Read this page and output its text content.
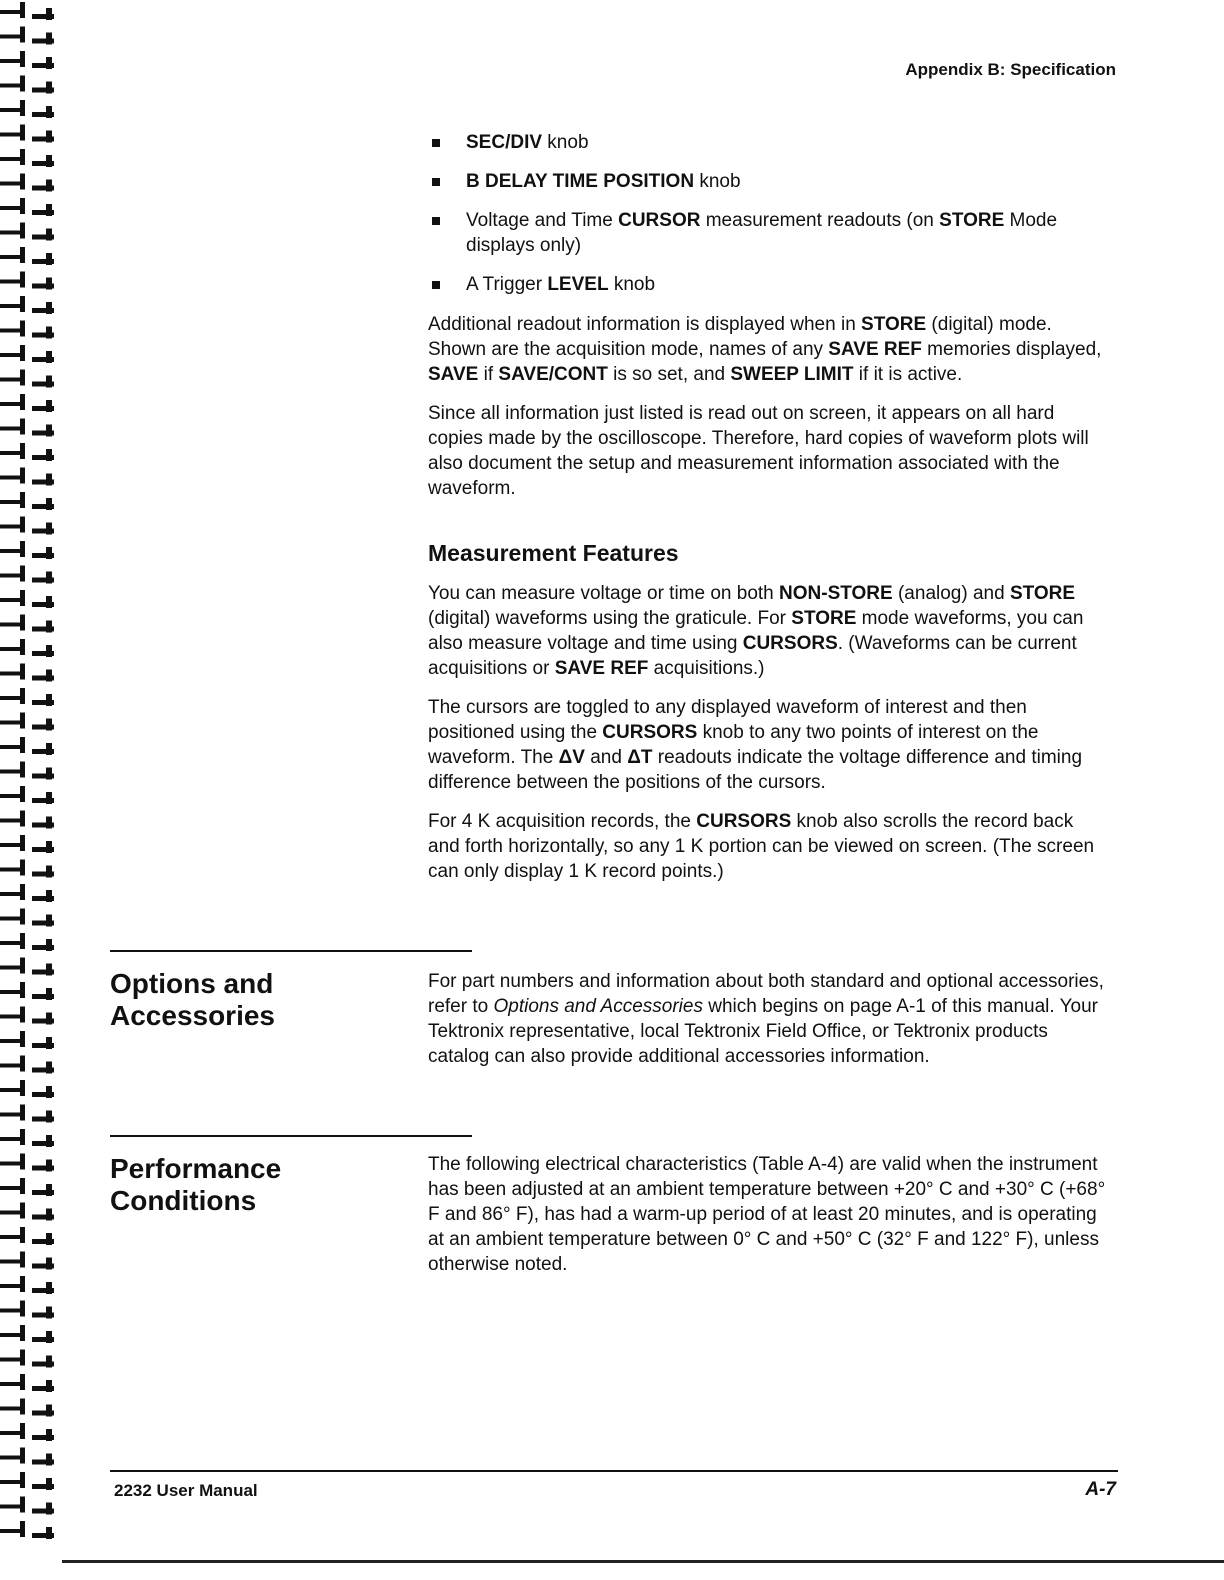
Appendix B: Specification
SEC/DIV knob
B DELAY TIME POSITION knob
Voltage and Time CURSOR measurement readouts (on STORE Mode displays only)
A Trigger LEVEL knob

Additional readout information is displayed when in STORE (digital) mode. Shown are the acquisition mode, names of any SAVE REF memories displayed, SAVE if SAVE/CONT is so set, and SWEEP LIMIT if it is active.

Since all information just listed is read out on screen, it appears on all hard copies made by the oscilloscope. Therefore, hard copies of waveform plots will also document the setup and measurement information associated with the waveform.

Measurement Features

You can measure voltage or time on both NON-STORE (analog) and STORE (digital) waveforms using the graticule. For STORE mode waveforms, you can also measure voltage and time using CURSORS. (Waveforms can be current acquisitions or SAVE REF acquisitions.)

The cursors are toggled to any displayed waveform of interest and then positioned using the CURSORS knob to any two points of interest on the waveform. The ΔV and ΔT readouts indicate the voltage difference and timing difference between the positions of the cursors.

For 4 K acquisition records, the CURSORS knob also scrolls the record back and forth horizontally, so any 1 K portion can be viewed on screen. (The screen can only display 1 K record points.)

Options and
Accessories

For part numbers and information about both standard and optional accessories, refer to Options and Accessories which begins on page A-1 of this manual. Your Tektronix representative, local Tektronix Field Office, or Tektronix products catalog can also provide additional accessories information.

Performance
Conditions

The following electrical characteristics (Table A-4) are valid when the instrument has been adjusted at an ambient temperature between +20° C and +30° C (+68° F and 86° F), has had a warm-up period of at least 20 minutes, and is operating at an ambient temperature between 0° C and +50° C (32° F and 122° F), unless otherwise noted.

2232 User Manual	A-7
